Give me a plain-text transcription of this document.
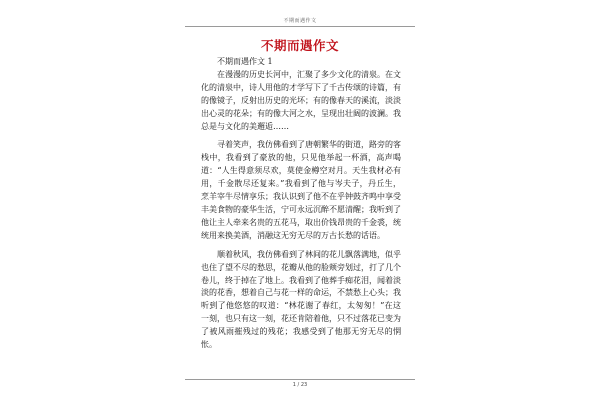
不期而遇作文
不期而遇作文

不期而遇作文 1

在漫漫的历史长河中，汇聚了多少文化的清泉。在文化的清泉中，诗人用他的才学写下了千古传颂的诗篇，有的像镜子，反射出历史的光坏；有的像春天的溪流，淡淡出心灵的花朵；有的像大河之水，呈现出壮阔的波澜。我总是与文化的美邂逅……

寻着笑声，我仿佛看到了唐朝繁华的街道，路旁的客栈中，我看到了豪放的他，只见他举起一杯酒，高声喝道：“人生得意须尽欢，莫使金樽空对月。天生我材必有用，千金散尽还复来。”我看到了他与岑夫子，丹丘生，烹羊宰牛尽情享乐；我认识到了他不在乎钟鼓齐鸣中享受丰美食物的豪华生活，宁可永远沉醉不愿清醒；我听到了他让主人牵来名贵的五花马，取出价钱昂贵的千金裘，统统用来换美酒，消融这无穷无尽的万古长愁的话语。

顺着秋风，我仿佛看到了林间的花儿飘落满地，似乎也住了望不尽的愁思，花瓣从他的脸颊旁划过，打了几个卷儿，终于掉在了地上。我看到了他葬手痴花泪，闻着淡淡的花香，想着自己与花一样的命运，不禁愁上心头；我听到了他悠悠的叹道：“林花谢了春红，太匆匆！”在这一刻，也只有这一刻，花还肯陪着他，只不过落花已变为了被风雨摧残过的残花；我感受到了他那无穷无尽的惘怅。

1 / 23
